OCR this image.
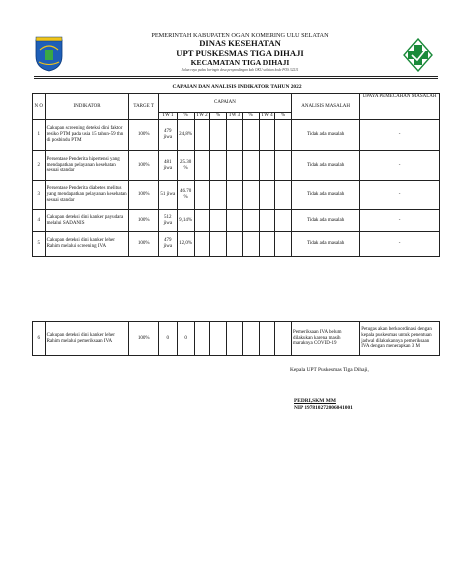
PEMERINTAH KABUPATEN OGAN KOMERING ULU SELATAN
DINAS KESEHATAN
UPT PUSKESMAS TIGA DIHAJI
KECAMATAN TIGA DIHAJI
Jalan raya pulau beringin desa penyandingan kab OKU selatan kode POS 32211
CAPAIAN DAN ANALISIS INDIKATOR TAHUN 2022
N O	INDIKATOR	TARGE T	CAPAIAN								ANALISIS MASALAH	UPAYA PEMECAHAN MASALAH
			TW 1	%	TW 2	%	TW 3	%	TW 4	%		
1	Cakupan screening deteksi dini faktor resiko PTM pada usia 15 tahun-59 thn di posbindu PTM	100%	479 jiwa	24,8%							Tidak ada masalah	-
2	Persentase Penderita hipertensi yang mendapatkan pelayanan kesehatan sesuai standar	100%	481 jiwa	25.30 %							Tidak ada masalah	-
3	Persentase Penderita diabetes melitus yang mendapatkan pelayanan kesehatan sesuai standar	100%	51 jiwa	46.70 %							Tidak ada masalah	-
4	Cakupan deteksi dini kanker payudara melalui SADANIS	100%	512 jiwa	9,14%							Tidak ada masalah	-
5	Cakupan deteksi dini kanker leher Rahim melalui screening IVA	100%	479 jiwa	12,0%							Tidak ada masalah	-
6	Cakupan deteksi dini kanker leher Rahim melalui pemeriksaan IVA	100%	0	0							Pemeriksaan IVA belum dilakukan karena masih maraknya COVID-19	Petugas akan berkoordinasi dengan kepala puskesmas untuk penentuan jadwal dilakukannya pemeriksaan IVA dengan menerapkan 3 M
Kepala UPT Puskesmas Tiga Dihaji,
PEDRI,SKM MM
NIP 197810272006041001
